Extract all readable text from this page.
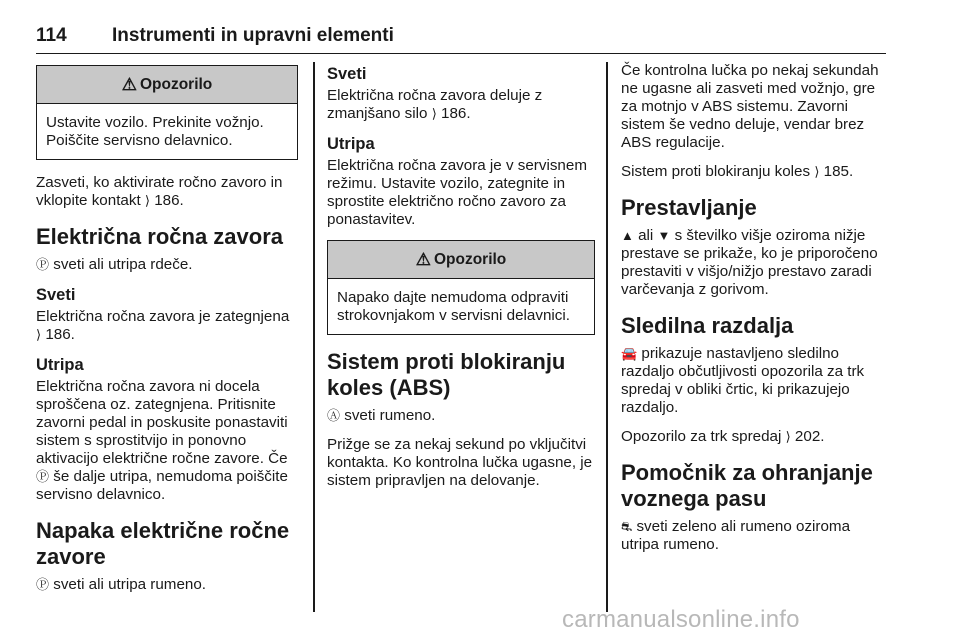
114 Instrumenti in upravni elementi
⚠ Opozorilo
Ustavite vozilo. Prekinite vožnjo. Poiščite servisno delavnico.

Zasveti, ko aktivirate ročno zavoro in vklopite kontakt ⟩ 186.

Električna ročna zavora

Ⓟ sveti ali utripa rdeče.

Sveti

Električna ročna zavora je zategnjena ⟩ 186.

Utripa

Električna ročna zavora ni docela sproščena oz. zategnjena. Pritisnite zavorni pedal in poskusite ponastaviti sistem s sprostitvijo in ponovno aktivacijo električne ročne zavore. Če Ⓟ še dalje utripa, nemudoma poiščite servisno delavnico.

Napaka električne ročne zavore

Ⓟ sveti ali utripa rumeno.

Sveti

Električna ročna zavora deluje z zmanjšano silo ⟩ 186.

Utripa

Električna ročna zavora je v servisnem režimu. Ustavite vozilo, zategnite in sprostite električno ročno zavoro za ponastavitev.

⚠ Opozorilo
Napako dajte nemudoma odpraviti strokovnjakom v servisni delavnici.
Sistem proti blokiranju koles (ABS)

Ⓐ sveti rumeno.

Prižge se za nekaj sekund po vključitvi kontakta. Ko kontrolna lučka ugasne, je sistem pripravljen na delovanje.

Če kontrolna lučka po nekaj sekundah ne ugasne ali zasveti med vožnjo, gre za motnjo v ABS sistemu. Zavorni sistem še vedno deluje, vendar brez ABS regulacije.

Sistem proti blokiranju koles ⟩ 185.

Prestavljanje

▲ ali ▼ s številko višje oziroma nižje prestave se prikaže, ko je priporočeno prestaviti v višjo/nižjo prestavo zaradi varčevanja z gorivom.

Sledilna razdalja

🚘 prikazuje nastavljeno sledilno razdaljo občutljivosti opozorila za trk spredaj v obliki črtic, ki prikazujejo razdaljo.

Opozorilo za trk spredaj ⟩ 202.

Pomočnik za ohranjanje voznega pasu

⛐ sveti zeleno ali rumeno oziroma utripa rumeno.

carmanualsonline.info
